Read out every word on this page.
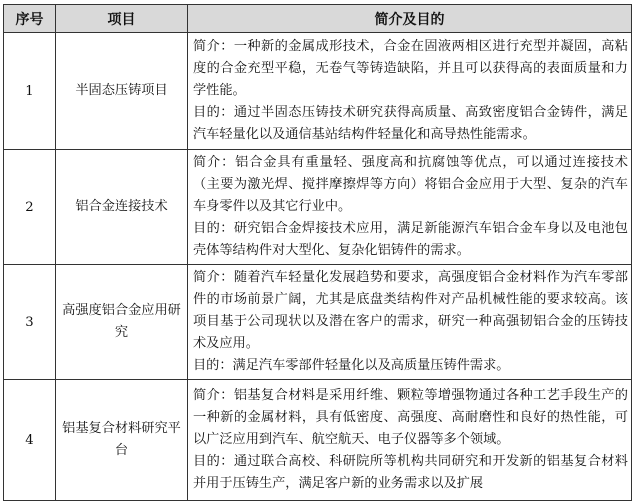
序号	项目	简介及目的
1	半固态压铸项目	简介：一种新的金属成形技术，合金在固液两相区进行充型并凝固，高粘度的合金充型平稳，无卷气等铸造缺陷，并且可以获得高的表面质量和力学性能。

目的：通过半固态压铸技术研究获得高质量、高致密度铝合金铸件，满足汽车轻量化以及通信基站结构件轻量化和高导热性能需求。

2	铝合金连接技术	简介：铝合金具有重量轻、强度高和抗腐蚀等优点，可以通过连接技术（主要为激光焊、搅拌摩擦焊等方向）将铝合金应用于大型、复杂的汽车车身零件以及其它行业中。

目的：研究铝合金焊接技术应用，满足新能源汽车铝合金车身以及电池包壳体等结构件对大型化、复杂化铝铸件的需求。

3	高强度铝合金应用研究	简介：随着汽车轻量化发展趋势和要求，高强度铝合金材料作为汽车零部件的市场前景广阔，尤其是底盘类结构件对产品机械性能的要求较高。该项目基于公司现状以及潜在客户的需求，研究一种高强韧铝合金的压铸技术及应用。

目的：满足汽车零部件轻量化以及高质量压铸件需求。

4	铝基复合材料研究平台	简介：铝基复合材料是采用纤维、颗粒等增强物通过各种工艺手段生产的一种新的金属材料，具有低密度、高强度、高耐磨性和良好的热性能，可以广泛应用到汽车、航空航天、电子仪器等多个领域。

目的：通过联合高校、科研院所等机构共同研究和开发新的铝基复合材料并用于压铸生产，满足客户新的业务需求以及扩展
